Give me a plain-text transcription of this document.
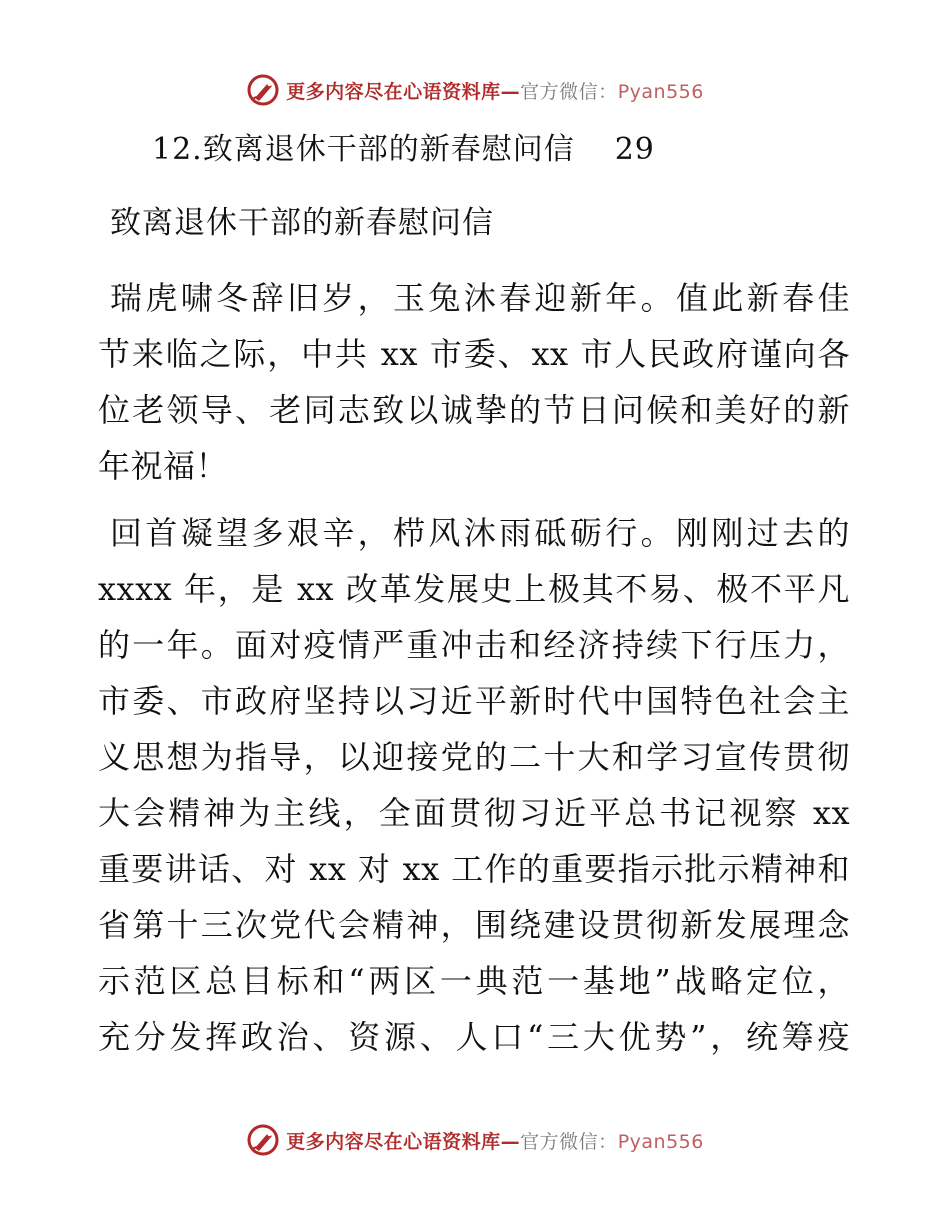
更多内容尽在心语资料库—官方微信：Pyan556
12.致离退休干部的新春慰问信 29
致离退休干部的新春慰问信
瑞虎啸冬辞旧岁，玉兔沐春迎新年。值此新春佳
节来临之际，中共 xx 市委、xx 市人民政府谨向各
位老领导、老同志致以诚挚的节日问候和美好的新
年祝福！
回首凝望多艰辛，栉风沐雨砥砺行。刚刚过去的
xxxx 年，是 xx 改革发展史上极其不易、极不平凡
的一年。面对疫情严重冲击和经济持续下行压力，
市委、市政府坚持以习近平新时代中国特色社会主
义思想为指导，以迎接党的二十大和学习宣传贯彻
大会精神为主线，全面贯彻习近平总书记视察 xx
重要讲话、对 xx 对 xx 工作的重要指示批示精神和
省第十三次党代会精神，围绕建设贯彻新发展理念
示范区总目标和“两区一典范一基地”战略定位，
充分发挥政治、资源、人口“三大优势”，统筹疫
更多内容尽在心语资料库—官方微信：Pyan556
